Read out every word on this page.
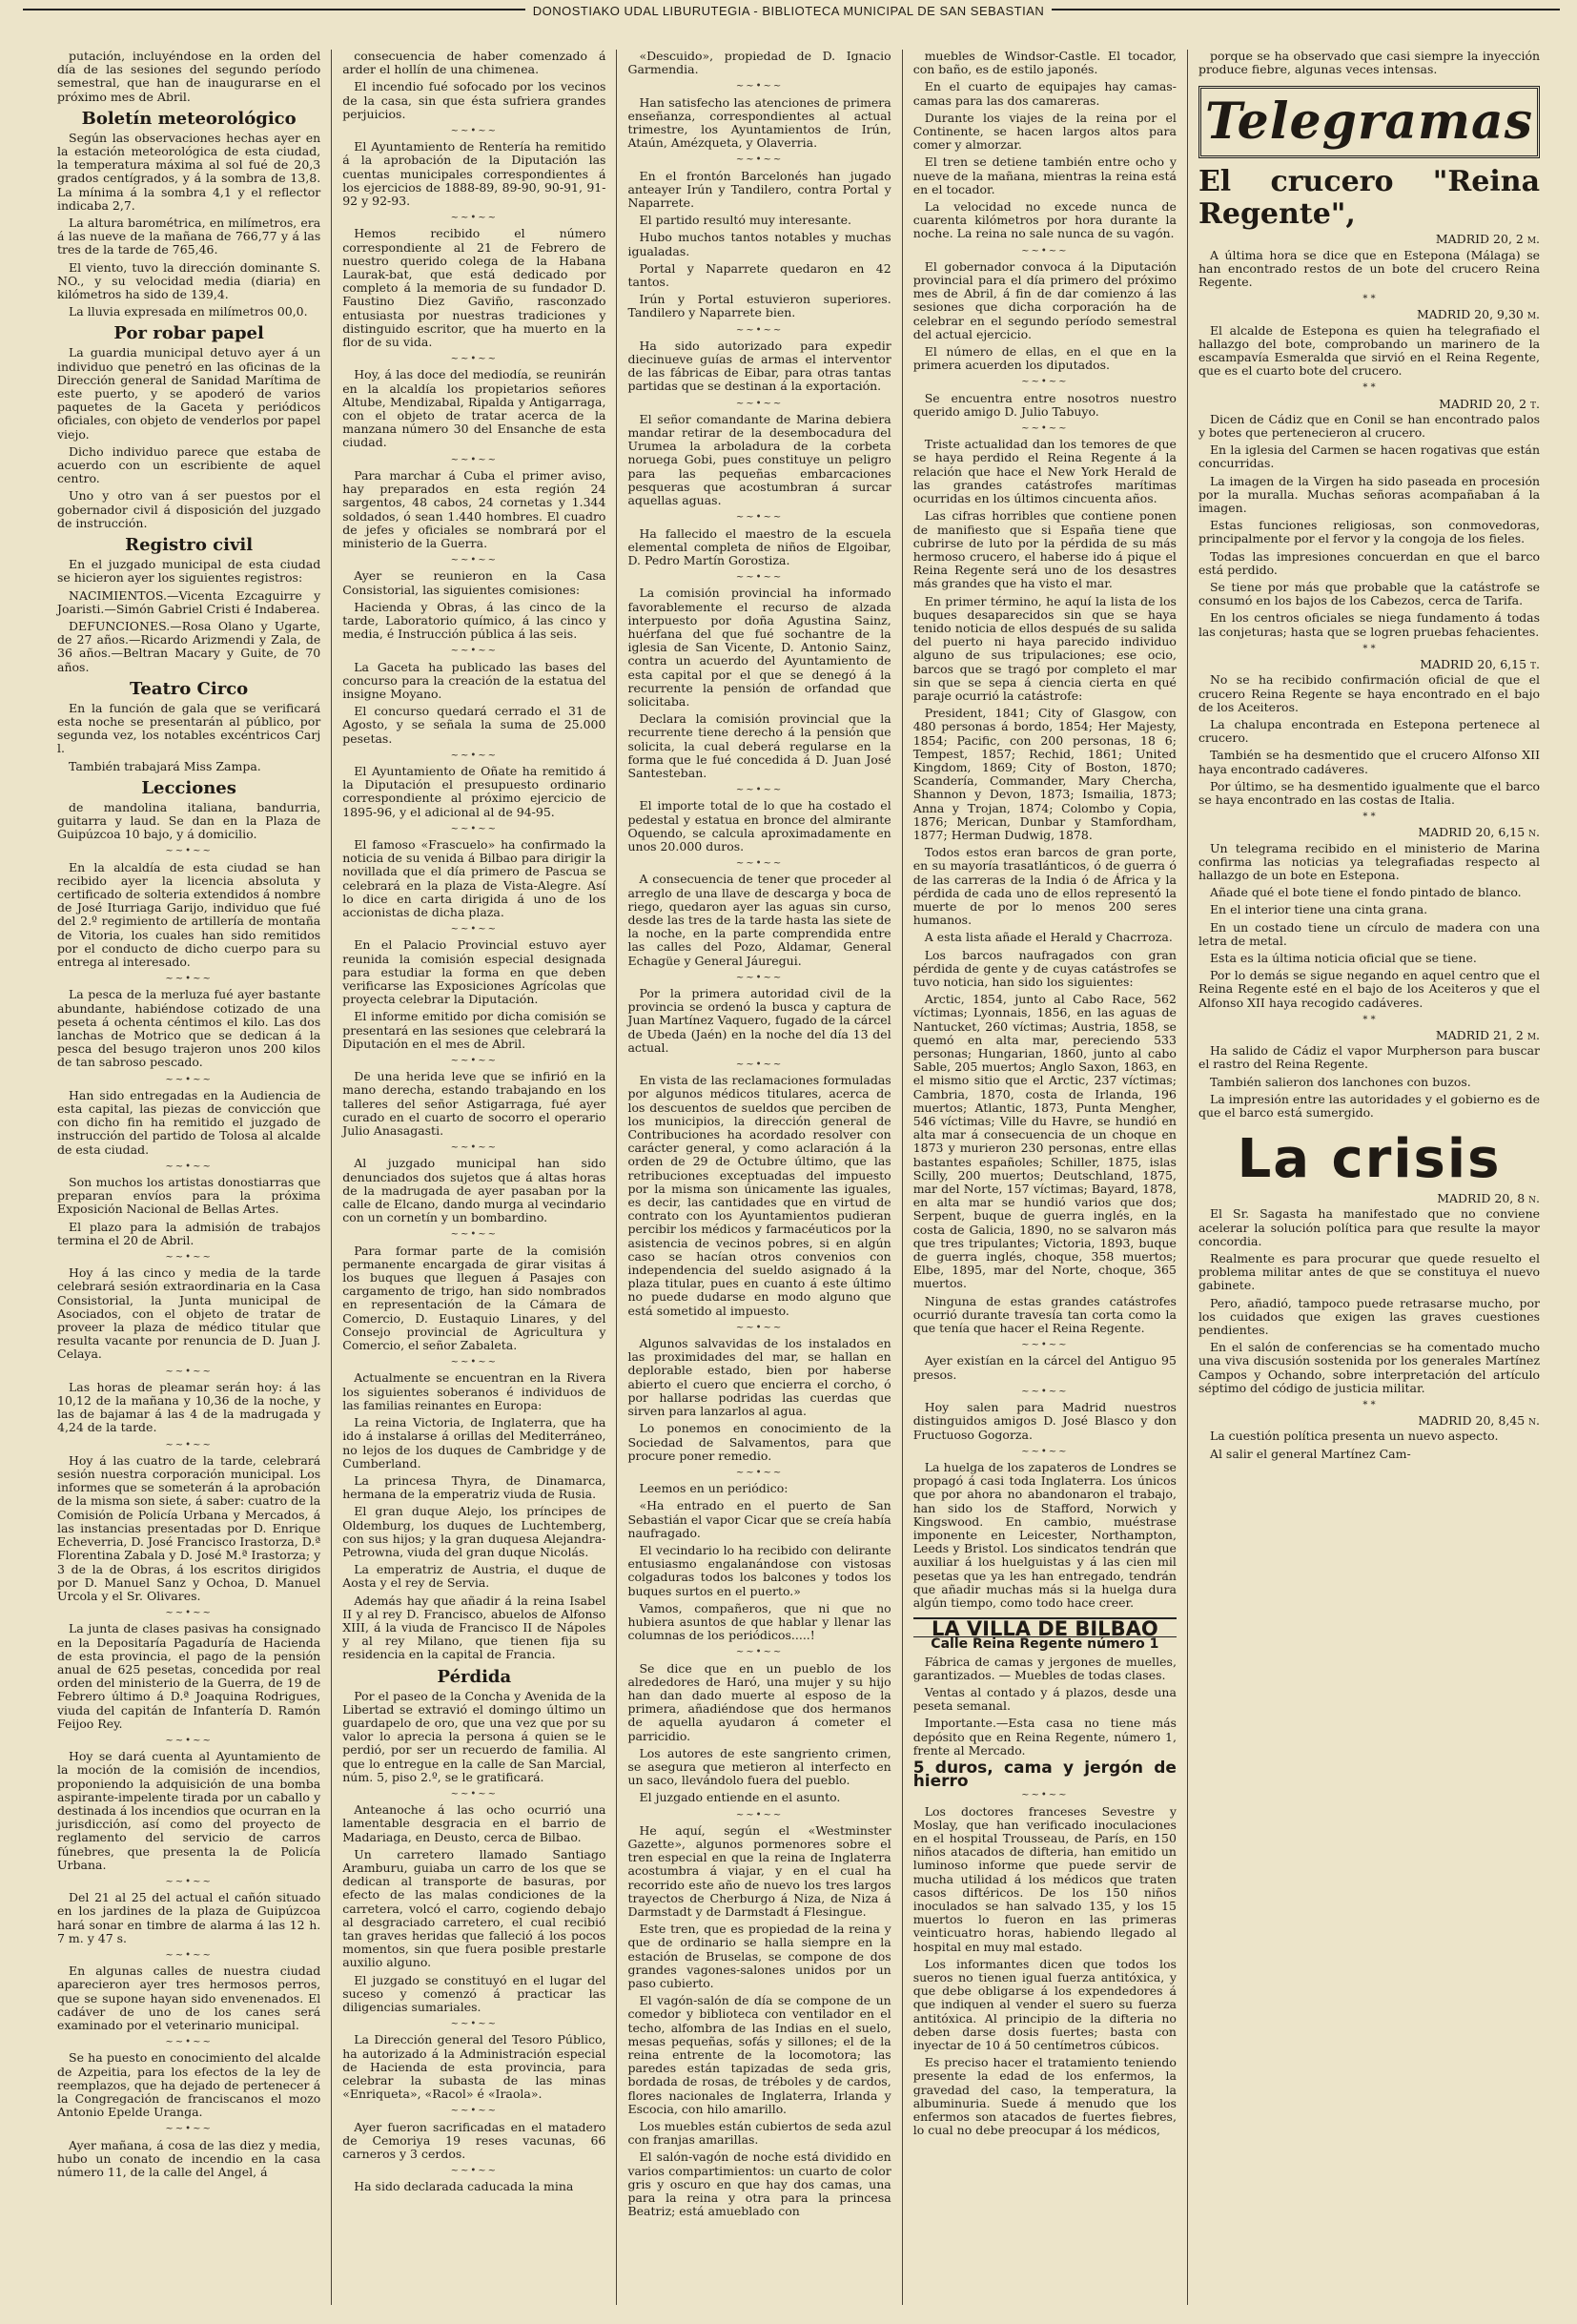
DONOSTIAKO UDAL LIBURUTEGIA - BIBLIOTECA MUNICIPAL DE SAN SEBASTIAN

putación, incluyéndose en la orden del día de las sesiones del segundo período semestral, que han de inaugurarse en el próximo mes de Abril.

Boletín meteorológico

Según las observaciones hechas ayer en la estación meteorológica de esta ciudad, la temperatura máxima al sol fué de 20,3 grados centígrados, y á la sombra de 13,8. La mínima á la sombra 4,1 y el reflector indicaba 2,7.

La altura barométrica, en milímetros, era á las nueve de la mañana de 766,77 y á las tres de la tarde de 765,46.

El viento, tuvo la dirección dominante S. NO., y su velocidad media (diaria) en kilómetros ha sido de 139,4.

La lluvia expresada en milímetros 00,0.

Por robar papel

La guardia municipal detuvo ayer á un individuo que penetró en las oficinas de la Dirección general de Sanidad Marítima de este puerto, y se apoderó de varios paquetes de la Gaceta y periódicos oficiales, con objeto de venderlos por papel viejo.

Dicho individuo parece que estaba de acuerdo con un escribiente de aquel centro.

Uno y otro van á ser puestos por el gobernador civil á disposición del juzgado de instrucción.

Registro civil

En el juzgado municipal de esta ciudad se hicieron ayer los siguientes registros:

NACIMIENTOS.—Vicenta Ezcaguirre y Joaristi.—Simón Gabriel Cristi é Indaberea.

DEFUNCIONES.—Rosa Olano y Ugarte, de 27 años.—Ricardo Arizmendi y Zala, de 36 años.—Beltran Macary y Guite, de 70 años.

Teatro Circo

En la función de gala que se verificará esta noche se presentarán al público, por segunda vez, los notables excéntricos Carj l.

También trabajará Miss Zampa.

Lecciones

de mandolina italiana, bandurria, guitarra y laud. Se dan en la Plaza de Guipúzcoa 10 bajo, y á domicilio.

~~•~~

En la alcaldía de esta ciudad se han recibido ayer la licencia absoluta y certificado de solteria extendidos á nombre de José Iturriaga Garijo, individuo que fué del 2.º regimiento de artillería de montaña de Vitoria, los cuales han sido remitidos por el conducto de dicho cuerpo para su entrega al interesado.

~~•~~

La pesca de la merluza fué ayer bastante abundante, habiéndose cotizado de una peseta á ochenta céntimos el kilo. Las dos lanchas de Motrico que se dedican á la pesca del besugo trajeron unos 200 kilos de tan sabroso pescado.

~~•~~

Han sido entregadas en la Audiencia de esta capital, las piezas de convicción que con dicho fin ha remitido el juzgado de instrucción del partido de Tolosa al alcalde de esta ciudad.

~~•~~

Son muchos los artistas donostiarras que preparan envíos para la próxima Exposición Nacional de Bellas Artes.

El plazo para la admisión de trabajos termina el 20 de Abril.

~~•~~

Hoy á las cinco y media de la tarde celebrará sesión extraordinaria en la Casa Consistorial, la Junta municipal de Asociados, con el objeto de tratar de proveer la plaza de médico titular que resulta vacante por renuncia de D. Juan J. Celaya.

~~•~~

Las horas de pleamar serán hoy: á las 10,12 de la mañana y 10,36 de la noche, y las de bajamar á las 4 de la madrugada y 4,24 de la tarde.

~~•~~

Hoy á las cuatro de la tarde, celebrará sesión nuestra corporación municipal. Los informes que se someterán á la aprobación de la misma son siete, á saber: cuatro de la Comisión de Policía Urbana y Mercados, á las instancias presentadas por D. Enrique Echeverria, D. José Francisco Irastorza, D.ª Florentina Zabala y D. José M.ª Irastorza; y 3 de la de Obras, á los escritos dirigidos por D. Manuel Sanz y Ochoa, D. Manuel Urcola y el Sr. Olivares.

~~•~~

La junta de clases pasivas ha consignado en la Depositaría Pagaduría de Hacienda de esta provincia, el pago de la pensión anual de 625 pesetas, concedida por real orden del ministerio de la Guerra, de 19 de Febrero último á D.ª Joaquina Rodrigues, viuda del capitán de Infantería D. Ramón Feijoo Rey.

~~•~~

Hoy se dará cuenta al Ayuntamiento de la moción de la comisión de incendios, proponiendo la adquisición de una bomba aspirante-impelente tirada por un caballo y destinada á los incendios que ocurran en la jurisdicción, así como del proyecto de reglamento del servicio de carros fúnebres, que presenta la de Policía Urbana.

~~•~~

Del 21 al 25 del actual el cañón situado en los jardines de la plaza de Guipúzcoa hará sonar en timbre de alarma á las 12 h. 7 m. y 47 s.

~~•~~

En algunas calles de nuestra ciudad aparecieron ayer tres hermosos perros, que se supone hayan sido envenenados. El cadáver de uno de los canes será examinado por el veterinario municipal.

~~•~~

Se ha puesto en conocimiento del alcalde de Azpeitia, para los efectos de la ley de reemplazos, que ha dejado de pertenecer á la Congregación de franciscanos el mozo Antonio Epelde Uranga.

~~•~~

Ayer mañana, á cosa de las diez y media, hubo un conato de incendio en la casa número 11, de la calle del Angel, á

consecuencia de haber comenzado á arder el hollín de una chimenea.

El incendio fué sofocado por los vecinos de la casa, sin que ésta sufriera grandes perjuicios.

~~•~~

El Ayuntamiento de Rentería ha remitido á la aprobación de la Diputación las cuentas municipales correspondientes á los ejercicios de 1888-89, 89-90, 90-91, 91-92 y 92-93.

~~•~~

Hemos recibido el número correspondiente al 21 de Febrero de nuestro querido colega de la Habana Laurak-bat, que está dedicado por completo á la memoria de su fundador D. Faustino Diez Gaviño, rasconzado entusiasta por nuestras tradiciones y distinguido escritor, que ha muerto en la flor de su vida.

~~•~~

Hoy, á las doce del mediodía, se reunirán en la alcaldía los propietarios señores Altube, Mendizabal, Ripalda y Antigarraga, con el objeto de tratar acerca de la manzana número 30 del Ensanche de esta ciudad.

~~•~~

Para marchar á Cuba el primer aviso, hay preparados en esta región 24 sargentos, 48 cabos, 24 cornetas y 1.344 soldados, ó sean 1.440 hombres. El cuadro de jefes y oficiales se nombrará por el ministerio de la Guerra.

~~•~~

Ayer se reunieron en la Casa Consistorial, las siguientes comisiones:

Hacienda y Obras, á las cinco de la tarde, Laboratorio químico, á las cinco y media, é Instrucción pública á las seis.

~~•~~

La Gaceta ha publicado las bases del concurso para la creación de la estatua del insigne Moyano.

El concurso quedará cerrado el 31 de Agosto, y se señala la suma de 25.000 pesetas.

~~•~~

El Ayuntamiento de Oñate ha remitido á la Diputación el presupuesto ordinario correspondiente al próximo ejercicio de 1895-96, y el adicional al de 94-95.

~~•~~

El famoso «Frascuelo» ha confirmado la noticia de su venida á Bilbao para dirigir la novillada que el día primero de Pascua se celebrará en la plaza de Vista-Alegre. Así lo dice en carta dirigida á uno de los accionistas de dicha plaza.

~~•~~

En el Palacio Provincial estuvo ayer reunida la comisión especial designada para estudiar la forma en que deben verificarse las Exposiciones Agrícolas que proyecta celebrar la Diputación.

El informe emitido por dicha comisión se presentará en las sesiones que celebrará la Diputación en el mes de Abril.

~~•~~

De una herida leve que se infirió en la mano derecha, estando trabajando en los talleres del señor Astigarraga, fué ayer curado en el cuarto de socorro el operario Julio Anasagasti.

~~•~~

Al juzgado municipal han sido denunciados dos sujetos que á altas horas de la madrugada de ayer pasaban por la calle de Elcano, dando murga al vecindario con un cornetín y un bombardino.

~~•~~

Para formar parte de la comisión permanente encargada de girar visitas á los buques que lleguen á Pasajes con cargamento de trigo, han sido nombrados en representación de la Cámara de Comercio, D. Eustaquio Linares, y del Consejo provincial de Agricultura y Comercio, el señor Zabaleta.

~~•~~

Actualmente se encuentran en la Rivera los siguientes soberanos é individuos de las familias reinantes en Europa:

La reina Victoria, de Inglaterra, que ha ido á instalarse á orillas del Mediterráneo, no lejos de los duques de Cambridge y de Cumberland.

La princesa Thyra, de Dinamarca, hermana de la emperatriz viuda de Rusia.

El gran duque Alejo, los príncipes de Oldemburg, los duques de Luchtemberg, con sus hijos; y la gran duquesa Alejandra-Petrowna, viuda del gran duque Nicolás.

La emperatriz de Austria, el duque de Aosta y el rey de Servia.

Además hay que añadir á la reina Isabel II y al rey D. Francisco, abuelos de Alfonso XIII, á la viuda de Francisco II de Nápoles y al rey Milano, que tienen fija su residencia en la capital de Francia.

Pérdida

Por el paseo de la Concha y Avenida de la Libertad se extravió el domingo último un guardapelo de oro, que una vez que por su valor lo aprecia la persona á quien se le perdió, por ser un recuerdo de familia. Al que lo entregue en la calle de San Marcial, núm. 5, piso 2.º, se le gratificará.

~~•~~

Anteanoche á las ocho ocurrió una lamentable desgracia en el barrio de Madariaga, en Deusto, cerca de Bilbao.

Un carretero llamado Santiago Aramburu, guiaba un carro de los que se dedican al transporte de basuras, por efecto de las malas condiciones de la carretera, volcó el carro, cogiendo debajo al desgraciado carretero, el cual recibió tan graves heridas que falleció á los pocos momentos, sin que fuera posible prestarle auxilio alguno.

El juzgado se constituyó en el lugar del suceso y comenzó á practicar las diligencias sumariales.

~~•~~

La Dirección general del Tesoro Público, ha autorizado á la Administración especial de Hacienda de esta provincia, para celebrar la subasta de las minas «Enriqueta», «Racol» é «Iraola».

~~•~~

Ayer fueron sacrificadas en el matadero de Cemoriya 19 reses vacunas, 66 carneros y 3 cerdos.

~~•~~

Ha sido declarada caducada la mina

«Descuido», propiedad de D. Ignacio Garmendia.

~~•~~

Han satisfecho las atenciones de primera enseñanza, correspondientes al actual trimestre, los Ayuntamientos de Irún, Ataún, Amézqueta, y Olaverria.

~~•~~

En el frontón Barcelonés han jugado anteayer Irún y Tandilero, contra Portal y Naparrete.

El partido resultó muy interesante.

Hubo muchos tantos notables y muchas igualadas.

Portal y Naparrete quedaron en 42 tantos.

Irún y Portal estuvieron superiores. Tandilero y Naparrete bien.

~~•~~

Ha sido autorizado para expedir diecinueve guías de armas el interventor de las fábricas de Eibar, para otras tantas partidas que se destinan á la exportación.

~~•~~

El señor comandante de Marina debiera mandar retirar de la desembocadura del Urumea la arboladura de la corbeta noruega Gobi, pues constituye un peligro para las pequeñas embarcaciones pesqueras que acostumbran á surcar aquellas aguas.

~~•~~

Ha fallecido el maestro de la escuela elemental completa de niños de Elgoibar, D. Pedro Martín Gorostiza.

~~•~~

La comisión provincial ha informado favorablemente el recurso de alzada interpuesto por doña Agustina Sainz, huérfana del que fué sochantre de la iglesia de San Vicente, D. Antonio Sainz, contra un acuerdo del Ayuntamiento de esta capital por el que se denegó á la recurrente la pensión de orfandad que solicitaba.

Declara la comisión provincial que la recurrente tiene derecho á la pensión que solicita, la cual deberá regularse en la forma que le fué concedida á D. Juan José Santesteban.

~~•~~

El importe total de lo que ha costado el pedestal y estatua en bronce del almirante Oquendo, se calcula aproximadamente en unos 20.000 duros.

~~•~~

A consecuencia de tener que proceder al arreglo de una llave de descarga y boca de riego, quedaron ayer las aguas sin curso, desde las tres de la tarde hasta las siete de la noche, en la parte comprendida entre las calles del Pozo, Aldamar, General Echagüe y General Jáuregui.

~~•~~

Por la primera autoridad civil de la provincia se ordenó la busca y captura de Juan Martínez Vaquero, fugado de la cárcel de Ubeda (Jaén) en la noche del día 13 del actual.

~~•~~

En vista de las reclamaciones formuladas por algunos médicos titulares, acerca de los descuentos de sueldos que perciben de los municipios, la dirección general de Contribuciones ha acordado resolver con carácter general, y como aclaración á la orden de 29 de Octubre último, que las retribuciones exceptuadas del impuesto por la misma son únicamente las iguales, es decir, las cantidades que en virtud de contrato con los Ayuntamientos pudieran percibir los médicos y farmacéuticos por la asistencia de vecinos pobres, si en algún caso se hacían otros convenios con independencia del sueldo asignado á la plaza titular, pues en cuanto á este último no puede dudarse en modo alguno que está sometido al impuesto.

~~•~~

Algunos salvavidas de los instalados en las proximidades del mar, se hallan en deplorable estado, bien por haberse abierto el cuero que encierra el corcho, ó por hallarse podridas las cuerdas que sirven para lanzarlos al agua.

Lo ponemos en conocimiento de la Sociedad de Salvamentos, para que procure poner remedio.

~~•~~

Leemos en un periódico:

«Ha entrado en el puerto de San Sebastián el vapor Cicar que se creía había naufragado.

El vecindario lo ha recibido con delirante entusiasmo engalanándose con vistosas colgaduras todos los balcones y todos los buques surtos en el puerto.»

Vamos, compañeros, que ni que no hubiera asuntos de que hablar y llenar las columnas de los periódicos.....!

~~•~~

Se dice que en un pueblo de los alrededores de Haró, una mujer y su hijo han dan dado muerte al esposo de la primera, añadiéndose que dos hermanos de aquella ayudaron á cometer el parricidio.

Los autores de este sangriento crimen, se asegura que metieron al interfecto en un saco, llevándolo fuera del pueblo.

El juzgado entiende en el asunto.

~~•~~

He aquí, según el «Westminster Gazette», algunos pormenores sobre el tren especial en que la reina de Inglaterra acostumbra á viajar, y en el cual ha recorrido este año de nuevo los tres largos trayectos de Cherburgo á Niza, de Niza á Darmstadt y de Darmstadt á Flesingue.

Este tren, que es propiedad de la reina y que de ordinario se halla siempre en la estación de Bruselas, se compone de dos grandes vagones-salones unidos por un paso cubierto.

El vagón-salón de día se compone de un comedor y biblioteca con ventilador en el techo, alfombra de las Indias en el suelo, mesas pequeñas, sofás y sillones; el de la reina entrente de la locomotora; las paredes están tapizadas de seda gris, bordada de rosas, de tréboles y de cardos, flores nacionales de Inglaterra, Irlanda y Escocia, con hilo amarillo.

Los muebles están cubiertos de seda azul con franjas amarillas.

El salón-vagón de noche está dividido en varios compartimientos: un cuarto de color gris y oscuro en que hay dos camas, una para la reina y otra para la princesa Beatriz; está amueblado con

muebles de Windsor-Castle. El tocador, con baño, es de estilo japonés.

En el cuarto de equipajes hay camas-camas para las dos camareras.

Durante los viajes de la reina por el Continente, se hacen largos altos para comer y almorzar.

El tren se detiene también entre ocho y nueve de la mañana, mientras la reina está en el tocador.

La velocidad no excede nunca de cuarenta kilómetros por hora durante la noche. La reina no sale nunca de su vagón.

~~•~~

El gobernador convoca á la Diputación provincial para el día primero del próximo mes de Abril, á fin de dar comienzo á las sesiones que dicha corporación ha de celebrar en el segundo período semestral del actual ejercicio.

El número de ellas, en el que en la primera acuerden los diputados.

~~•~~

Se encuentra entre nosotros nuestro querido amigo D. Julio Tabuyo.

~~•~~

Triste actualidad dan los temores de que se haya perdido el Reina Regente á la relación que hace el New York Herald de las grandes catástrofes marítimas ocurridas en los últimos cincuenta años.

Las cifras horribles que contiene ponen de manifiesto que si España tiene que cubrirse de luto por la pérdida de su más hermoso crucero, el haberse ido á pique el Reina Regente será uno de los desastres más grandes que ha visto el mar.

En primer término, he aquí la lista de los buques desaparecidos sin que se haya tenido noticia de ellos después de su salida del puerto ni haya parecido individuo alguno de sus tripulaciones; ese ocio, barcos que se tragó por completo el mar sin que se sepa á ciencia cierta en qué paraje ocurrió la catástrofe:

President, 1841; City of Glasgow, con 480 personas á bordo, 1854; Her Majesty, 1854; Pacific, con 200 personas, 18 6; Tempest, 1857; Rechid, 1861; United Kingdom, 1869; City of Boston, 1870; Scandería, Commander, Mary Chercha, Shannon y Devon, 1873; Ismailia, 1873; Anna y Trojan, 1874; Colombo y Copia, 1876; Merican, Dunbar y Stamfordham, 1877; Herman Dudwig, 1878.

Todos estos eran barcos de gran porte, en su mayoría trasatlánticos, ó de guerra ó de las carreras de la India ó de África y la pérdida de cada uno de ellos representó la muerte de por lo menos 200 seres humanos.

A esta lista añade el Herald y Chacrroza.

Los barcos naufragados con gran pérdida de gente y de cuyas catástrofes se tuvo noticia, han sido los siguientes:

Arctic, 1854, junto al Cabo Race, 562 víctimas; Lyonnais, 1856, en las aguas de Nantucket, 260 víctimas; Austria, 1858, se quemó en alta mar, pereciendo 533 personas; Hungarian, 1860, junto al cabo Sable, 205 muertos; Anglo Saxon, 1863, en el mismo sitio que el Arctic, 237 víctimas; Cambria, 1870, costa de Irlanda, 196 muertos; Atlantic, 1873, Punta Mengher, 546 víctimas; Ville du Havre, se hundió en alta mar á consecuencia de un choque en 1873 y murieron 230 personas, entre ellas bastantes españoles; Schiller, 1875, islas Scilly, 200 muertos; Deutschland, 1875, mar del Norte, 157 víctimas; Bayard, 1878, en alta mar se hundió varios que dos; Serpent, buque de guerra inglés, en la costa de Galicia, 1890, no se salvaron más que tres tripulantes; Victoria, 1893, buque de guerra inglés, choque, 358 muertos; Elbe, 1895, mar del Norte, choque, 365 muertos.

Ninguna de estas grandes catástrofes ocurrió durante travesía tan corta como la que tenía que hacer el Reina Regente.

~~•~~

Ayer existían en la cárcel del Antiguo 95 presos.

~~•~~

Hoy salen para Madrid nuestros distinguidos amigos D. José Blasco y don Fructuoso Gogorza.

~~•~~

La huelga de los zapateros de Londres se propagó á casi toda Inglaterra. Los únicos que por ahora no abandonaron el trabajo, han sido los de Stafford, Norwich y Kingswood. En cambio, muéstrase imponente en Leicester, Northampton, Leeds y Bristol. Los sindicatos tendrán que auxiliar á los huelguistas y á las cien mil pesetas que ya les han entregado, tendrán que añadir muchas más si la huelga dura algún tiempo, como todo hace creer.

LA VILLA DE BILBAO
Calle Reina Regente número 1

Fábrica de camas y jergones de muelles, garantizados. — Muebles de todas clases.

Ventas al contado y á plazos, desde una peseta semanal.

Importante.—Esta casa no tiene más depósito que en Reina Regente, número 1, frente al Mercado.

5 duros, cama y jergón de hierro
~~•~~

Los doctores franceses Sevestre y Moslay, que han verificado inoculaciones en el hospital Trousseau, de París, en 150 niños atacados de difteria, han emitido un luminoso informe que puede servir de mucha utilidad á los médicos que traten casos diftéricos. De los 150 niños inoculados se han salvado 135, y los 15 muertos lo fueron en las primeras veinticuatro horas, habiendo llegado al hospital en muy mal estado.

Los informantes dicen que todos los sueros no tienen igual fuerza antitóxica, y que debe obligarse á los expendedores á que indiquen al vender el suero su fuerza antitóxica. Al principio de la difteria no deben darse dosis fuertes; basta con inyectar de 10 á 50 centímetros cúbicos.

Es preciso hacer el tratamiento teniendo presente la edad de los enfermos, la gravedad del caso, la temperatura, la albuminuria. Suede á menudo que los enfermos son atacados de fuertes fiebres, lo cual no debe preocupar á los médicos,

porque se ha observado que casi siempre la inyección produce fiebre, algunas veces intensas.

Telegramas
El crucero "Reina Regente",
MADRID 20, 2 m.

A última hora se dice que en Estepona (Málaga) se han encontrado restos de un bote del crucero Reina Regente.

* *
MADRID 20, 9,30 m.

El alcalde de Estepona es quien ha telegrafiado el hallazgo del bote, comprobando un marinero de la escampavía Esmeralda que sirvió en el Reina Regente, que es el cuarto bote del crucero.

* *
MADRID 20, 2 t.

Dicen de Cádiz que en Conil se han encontrado palos y botes que pertenecieron al crucero.

En la iglesia del Carmen se hacen rogativas que están concurridas.

La imagen de la Virgen ha sido paseada en procesión por la muralla. Muchas señoras acompañaban á la imagen.

Estas funciones religiosas, son conmovedoras, principalmente por el fervor y la congoja de los fieles.

Todas las impresiones concuerdan en que el barco está perdido.

Se tiene por más que probable que la catástrofe se consumó en los bajos de los Cabezos, cerca de Tarifa.

En los centros oficiales se niega fundamento á todas las conjeturas; hasta que se logren pruebas fehacientes.

* *
MADRID 20, 6,15 t.

No se ha recibido confirmación oficial de que el crucero Reina Regente se haya encontrado en el bajo de los Aceiteros.

La chalupa encontrada en Estepona pertenece al crucero.

También se ha desmentido que el crucero Alfonso XII haya encontrado cadáveres.

Por último, se ha desmentido igualmente que el barco se haya encontrado en las costas de Italia.

* *
MADRID 20, 6,15 n.

Un telegrama recibido en el ministerio de Marina confirma las noticias ya telegrafiadas respecto al hallazgo de un bote en Estepona.

Añade qué el bote tiene el fondo pintado de blanco.

En el interior tiene una cinta grana.

En un costado tiene un círculo de madera con una letra de metal.

Esta es la última noticia oficial que se tiene.

Por lo demás se sigue negando en aquel centro que el Reina Regente esté en el bajo de los Aceiteros y que el Alfonso XII haya recogido cadáveres.

* *
MADRID 21, 2 m.

Ha salido de Cádiz el vapor Murpherson para buscar el rastro del Reina Regente.

También salieron dos lanchones con buzos.

La impresión entre las autoridades y el gobierno es de que el barco está sumergido.

La crisis
MADRID 20, 8 n.

El Sr. Sagasta ha manifestado que no conviene acelerar la solución política para que resulte la mayor concordia.

Realmente es para procurar que quede resuelto el problema militar antes de que se constituya el nuevo gabinete.

Pero, añadió, tampoco puede retrasarse mucho, por los cuidados que exigen las graves cuestiones pendientes.

En el salón de conferencias se ha comentado mucho una viva discusión sostenida por los generales Martínez Campos y Ochando, sobre interpretación del artículo séptimo del código de justicia militar.

* *
MADRID 20, 8,45 n.

La cuestión política presenta un nuevo aspecto.

Al salir el general Martínez Cam-
